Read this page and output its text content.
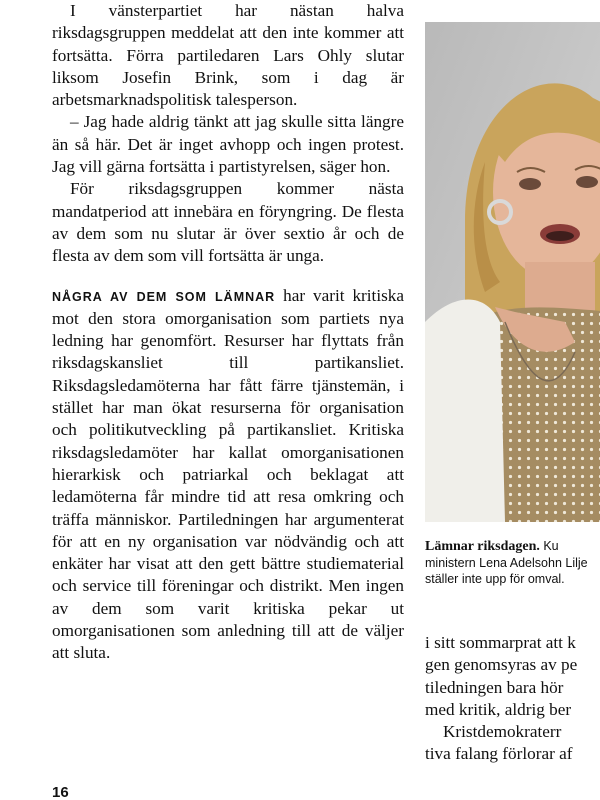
I vänsterpartiet har nästan halva riksdagsgruppen meddelat att den inte kommer att fortsätta. Förra partiledaren Lars Ohly slutar liksom Josefin Brink, som i dag är arbetsmarknadspolitisk talesperson.

– Jag hade aldrig tänkt att jag skulle sitta längre än så här. Det är inget avhopp och ingen protest. Jag vill gärna fortsätta i partistyrelsen, säger hon.

För riksdagsgruppen kommer nästa mandatperiod att innebära en föryngring. De flesta av dem som nu slutar är över sextio år och de flesta av dem som vill fortsätta är unga.

NÅGRA AV DEM SOM LÄMNAR har varit kritiska mot den stora omorganisation som partiets nya ledning har genomfört. Resurser har flyttats från riksdagskansliet till partikansliet. Riksdagsledamöterna har fått färre tjänstemän, i stället har man ökat resurserna för organisation och politikutveckling på partikansliet. Kritiska riksdagsledamöter har kallat omorganisationen hierarkisk och patriarkal och beklagat att ledamöterna får mindre tid att resa omkring och träffa människor. Partiledningen har argumenterat för att en ny organisation var nödvändig och att enkäter har visat att den gett bättre studiematerial och service till föreningar och distrikt. Men ingen av dem som varit kritiska pekar ut omorganisationen som anledning till att de väljer att sluta.

Lämnar riksdagen. Ku
ministern Lena Adelsohn Lilje
ställer inte upp för omval.

i sitt sommarprat att k

gen genomsyras av pe

tiledningen bara hör

med kritik, aldrig ber

Kristdemokraterr

tiva falang förlorar af

16
